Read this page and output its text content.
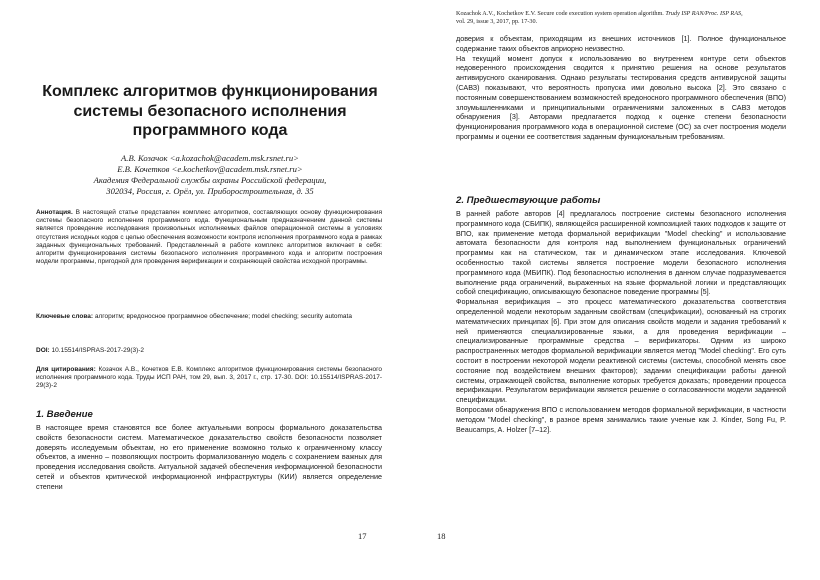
Комплекс алгоритмов функционирования системы безопасного исполнения программного кода
А.В. Козачок <a.kozachok@academ.msk.rsnet.ru>
Е.В. Кочетков <e.kochetkov@academ.msk.rsnet.ru>
Академия Федеральной службы охраны Российской федерации,
302034, Россия, г. Орёл, ул. Приборостроительная, д. 35

Аннотация. В настоящей статье представлен комплекс алгоритмов, составляющих основу функционирования системы безопасного исполнения программного кода. Функциональным предназначением данной системы является проведение исследования произвольных исполняемых файлов операционной системы в условиях отсутствия исходных кодов с целью обеспечения возможности контроля исполнения программного кода в рамках заданных функциональных требований. Представленный в работе комплекс алгоритмов включает в себя: алгоритм функционирования системы безопасного исполнения программного кода и алгоритм построения модели программы, пригодной для проведения верификации и сохраняющей свойства исходной программы.

Ключевые слова: алгоритм; вредоносное программное обеспечение; model checking; security automata

DOI: 10.15514/ISPRAS-2017-29(3)-2

Для цитирования: Козачок А.В., Кочетков Е.В. Комплекс алгоритмов функционирования системы безопасного исполнения программного кода. Труды ИСП РАН, том 29, вып. 3, 2017 г., стр. 17-30. DOI: 10.15514/ISPRAS-2017-29(3)-2

1. Введение

В настоящее время становятся все более актуальными вопросы формального доказательства свойств безопасности систем. Математическое доказательство свойств безопасности позволяет доверять исследуемым объектам, но его применение возможно только к ограниченному классу объектов, а именно – позволяющих построить формализованную модель с сохранением важных для проведения исследования свойств. Актуальной задачей обеспечения информационной безопасности сетей и объектов критической информационной инфраструктуры (КИИ) является определение степени

17
Kozachok A.V., Kochetkov E.V. Secure code execution system operation algorithm. Trudy ISP RAN/Proc. ISP RAS,
vol. 29, issue 3, 2017, pp. 17-30.

доверия к объектам, приходящим из внешних источников [1]. Полное функциональное содержание таких объектов априорно неизвестно.

На текущий момент допуск к использованию во внутреннем контуре сети объектов недоверенного происхождения сводится к принятию решения на основе результатов антивирусного сканирования. Однако результаты тестирования средств антивирусной защиты (САВЗ) показывают, что вероятность пропуска ими довольно высока [2]. Это связано с постоянным совершенствованием возможностей вредоносного программного обеспечения (ВПО) злоумышленниками и принципиальными ограничениями заложенных в САВЗ методов обнаружения [3]. Авторами предлагается подход к оценке степени безопасности функционирования программного кода в операционной системе (ОС) за счет построения модели программы и оценки ее соответствия заданным функциональным требованиям.

2. Предшествующие работы

В ранней работе авторов [4] предлагалось построение системы безопасного исполнения программного кода (СБИПК), являющейся расширенной композицией таких подходов к защите от ВПО, как применение метода формальной верификации "Model checking" и использование автомата безопасности для контроля над выполнением функциональных ограничений программы как на статическом, так и динамическом этапе исследования. Ключевой особенностью такой системы является построение модели безопасного исполнения программного кода (МБИПК). Под безопасностью исполнения в данном случае подразумевается выполнение ряда ограничений, выраженных на языке формальной логики и представляющих собой спецификацию, описывающую безопасное поведение программы [5].

Формальная верификация – это процесс математического доказательства соответствия определенной модели некоторым заданным свойствам (спецификации), основанный на строгих математических принципах [6]. При этом для описания свойств модели и задания требований к ней применяются специализированные языки, а для проведения верификации – специализированные программные средства – верификаторы. Одним из широко распространенных методов формальной верификации является метод "Model checking". Его суть состоит в построении некоторой модели реактивной системы (системы, способной менять свое состояние под воздействием внешних факторов); задании спецификации работы данной системы, отражающей свойства, выполнение которых требуется доказать; проведении процесса верификации. Результатом верификации является решение о согласованности модели заданной спецификации.

Вопросами обнаружения ВПО с использованием методов формальной верификации, в частности методом "Model checking", в разное время занимались такие ученые как J. Kinder, Song Fu, P. Beaucamps, A. Holzer [7–12].

18
